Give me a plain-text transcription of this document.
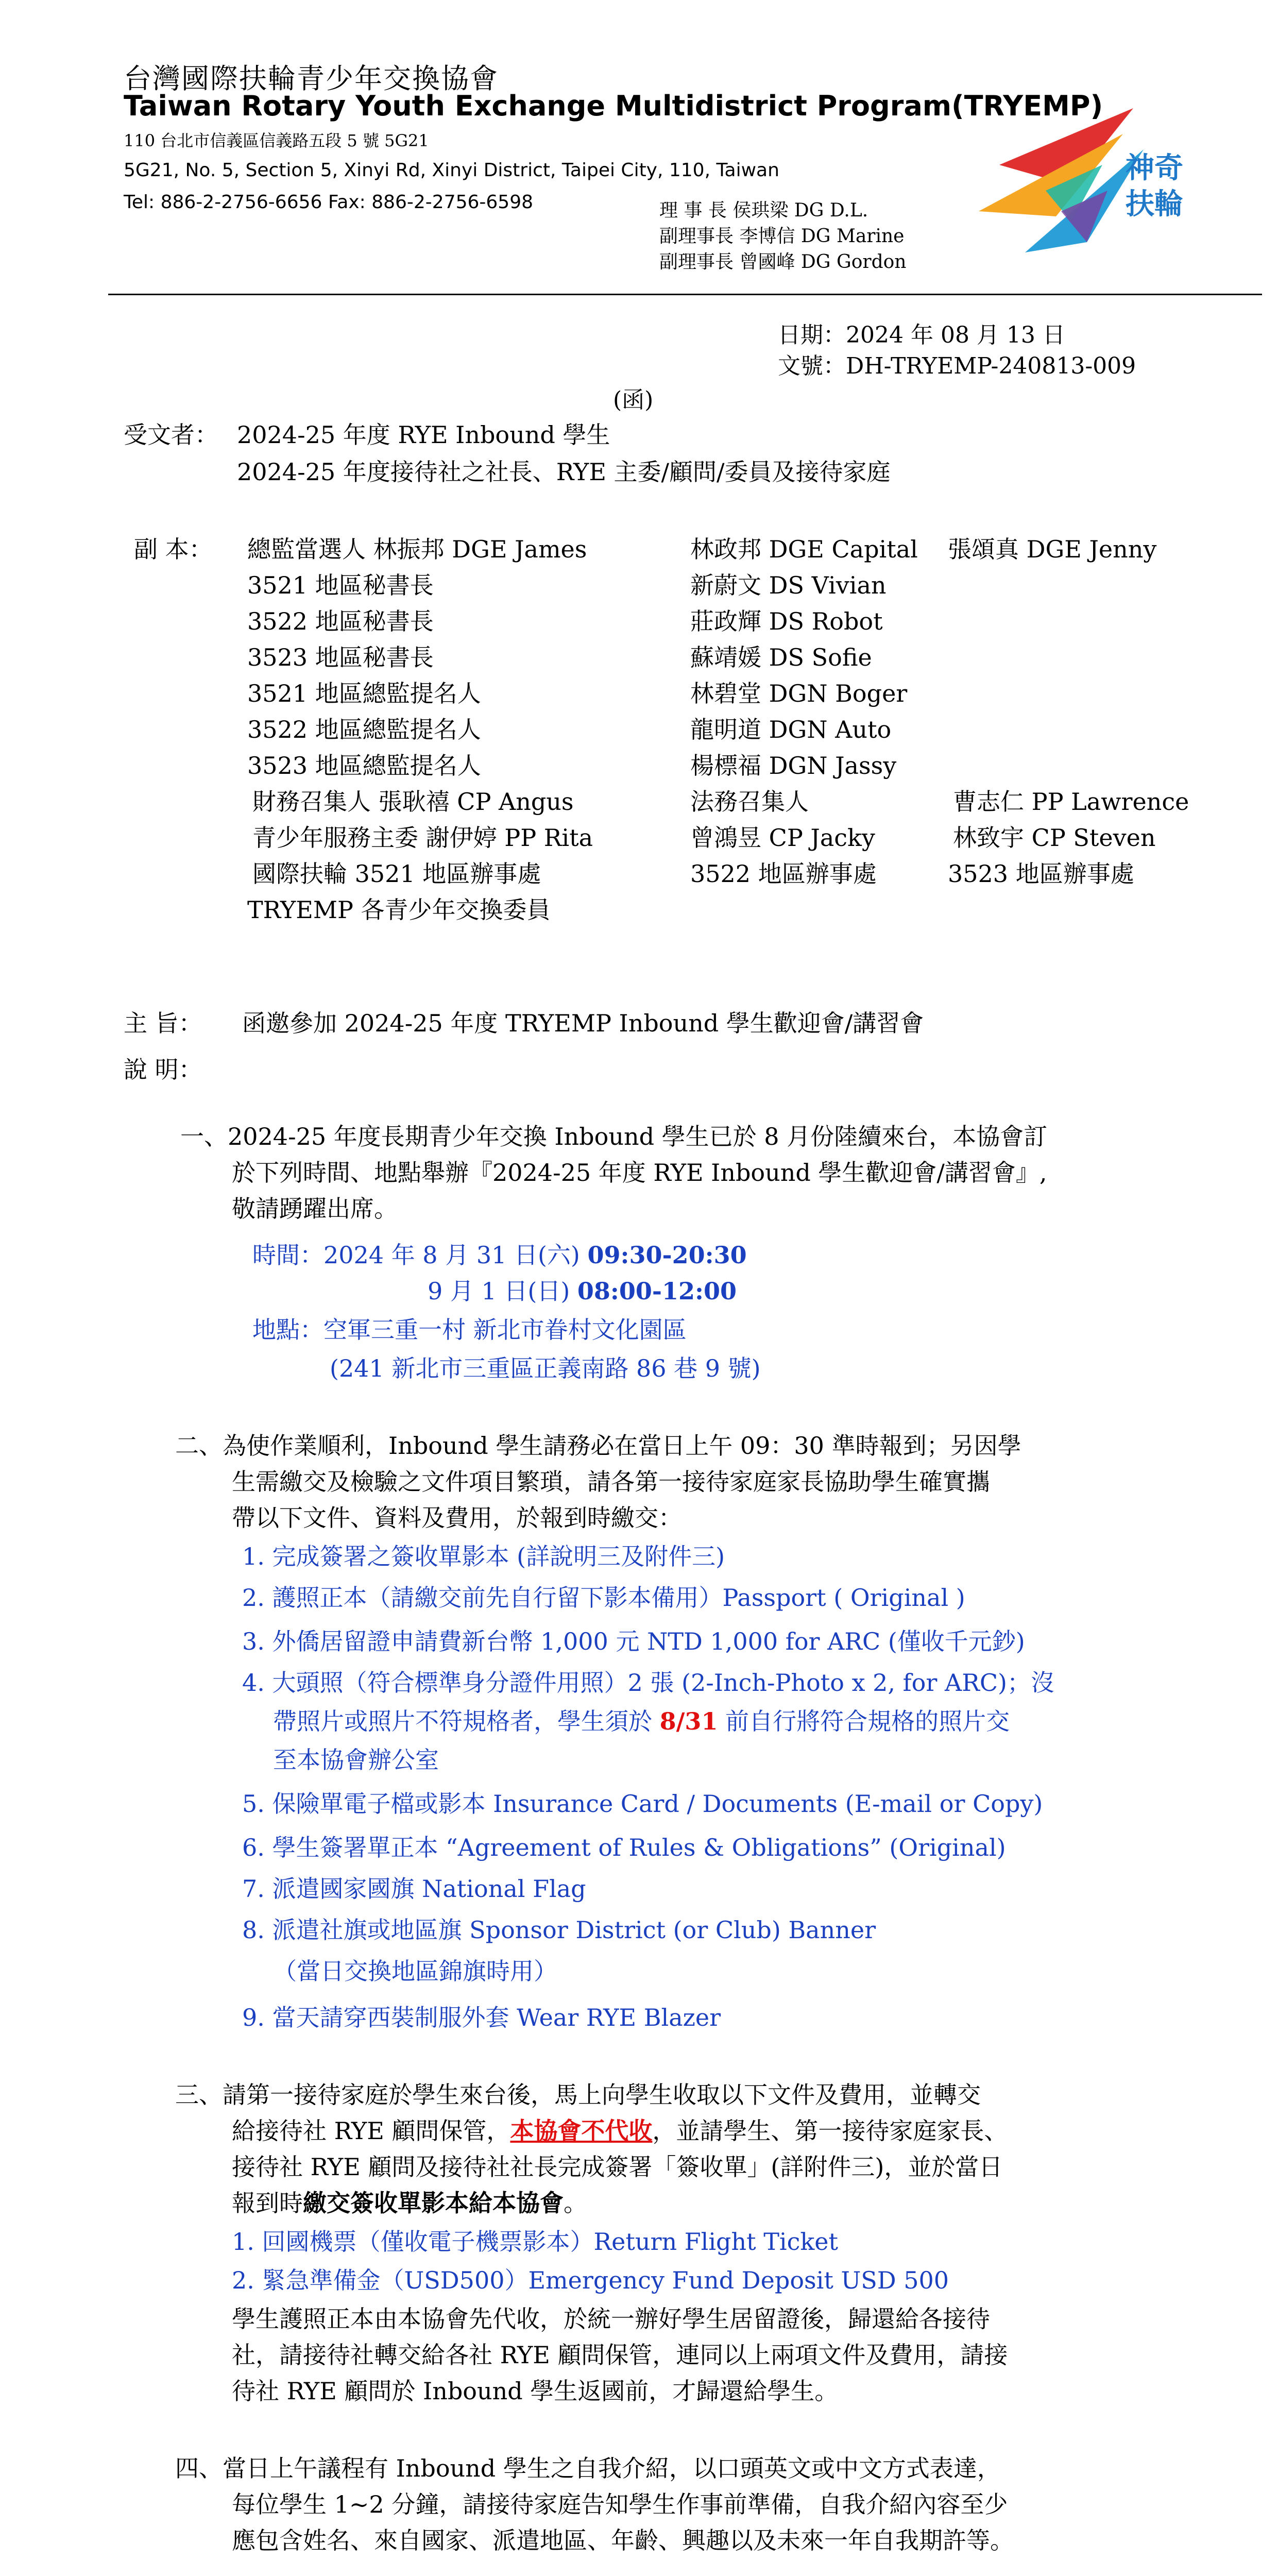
台灣國際扶輪青少年交換協會
Taiwan Rotary Youth Exchange Multidistrict Program(TRYEMP)
110 台北市信義區信義路五段 5 號 5G21
5G21, No. 5, Section 5, Xinyi Rd, Xinyi District, Taipei City, 110, Taiwan
Tel: 886-2-2756-6656 Fax: 886-2-2756-6598	理 事 長 侯珙梁 DG D.L.
副理事長 李博信 DG Marine
副理事長 曾國峰 DG Gordon
神奇
扶輪
日期：2024 年 08 月 13 日
文號：DH-TRYEMP-240813-009
(函)
受文者： 2024-25 年度 RYE Inbound 學生
2024-25 年度接待社之社長、RYE 主委/顧問/委員及接待家庭
副 本： 總監當選人 林振邦 DGE James	林政邦 DGE Capital 張頌真 DGE Jenny
3521 地區秘書長	新蔚文 DS Vivian
3522 地區秘書長	莊政輝 DS Robot
3523 地區秘書長	蘇靖媛 DS Sofie
3521 地區總監提名人	林碧堂 DGN Boger
3522 地區總監提名人	龍明道 DGN Auto
3523 地區總監提名人	楊標福 DGN Jassy
財務召集人 張耿禧 CP Angus	法務召集人	曹志仁 PP Lawrence
青少年服務主委 謝伊婷 PP Rita	曾鴻昱 CP Jacky	林致宇 CP Steven
國際扶輪 3521 地區辦事處	3522 地區辦事處	3523 地區辦事處
TRYEMP 各青少年交換委員
主 旨： 函邀參加 2024-25 年度 TRYEMP Inbound 學生歡迎會/講習會
說 明：
一、2024-25 年度長期青少年交換 Inbound 學生已於 8 月份陸續來台，本協會訂
於下列時間、地點舉辦『2024-25 年度 RYE Inbound 學生歡迎會/講習會』,
敬請踴躍出席。
時間：2024 年 8 月 31 日(六) 09:30-20:30
9 月 1 日(日) 08:00-12:00
地點：空軍三重一村 新北市眷村文化園區
(241 新北市三重區正義南路 86 巷 9 號)
二、為使作業順利，Inbound 學生請務必在當日上午 09：30 準時報到；另因學
生需繳交及檢驗之文件項目繁瑣，請各第一接待家庭家長協助學生確實攜
帶以下文件、資料及費用，於報到時繳交：
1. 完成簽署之簽收單影本 (詳說明三及附件三)
2. 護照正本（請繳交前先自行留下影本備用）Passport ( Original )
3. 外僑居留證申請費新台幣 1,000 元 NTD 1,000 for ARC (僅收千元鈔)
4. 大頭照（符合標準身分證件用照）2 張 (2-Inch-Photo x 2, for ARC)；沒
帶照片或照片不符規格者，學生須於 8/31 前自行將符合規格的照片交
至本協會辦公室
5. 保險單電子檔或影本 Insurance Card / Documents (E-mail or Copy)
6. 學生簽署單正本 “Agreement of Rules & Obligations” (Original)
7. 派遣國家國旗 National Flag
8. 派遣社旗或地區旗 Sponsor District (or Club) Banner
（當日交換地區錦旗時用）
9. 當天請穿西裝制服外套 Wear RYE Blazer
三、請第一接待家庭於學生來台後，馬上向學生收取以下文件及費用，並轉交
給接待社 RYE 顧問保管，本協會不代收，並請學生、第一接待家庭家長、
接待社 RYE 顧問及接待社社長完成簽署「簽收單」(詳附件三)，並於當日
報到時繳交簽收單影本給本協會。
1. 回國機票（僅收電子機票影本）Return Flight Ticket
2. 緊急準備金（USD500）Emergency Fund Deposit USD 500
學生護照正本由本協會先代收，於統一辦好學生居留證後，歸還給各接待
社，請接待社轉交給各社 RYE 顧問保管，連同以上兩項文件及費用，請接
待社 RYE 顧問於 Inbound 學生返國前，才歸還給學生。
四、當日上午議程有 Inbound 學生之自我介紹，以口頭英文或中文方式表達，
每位學生 1~2 分鐘，請接待家庭告知學生作事前準備，自我介紹內容至少
應包含姓名、來自國家、派遣地區、年齡、興趣以及未來一年自我期許等。
